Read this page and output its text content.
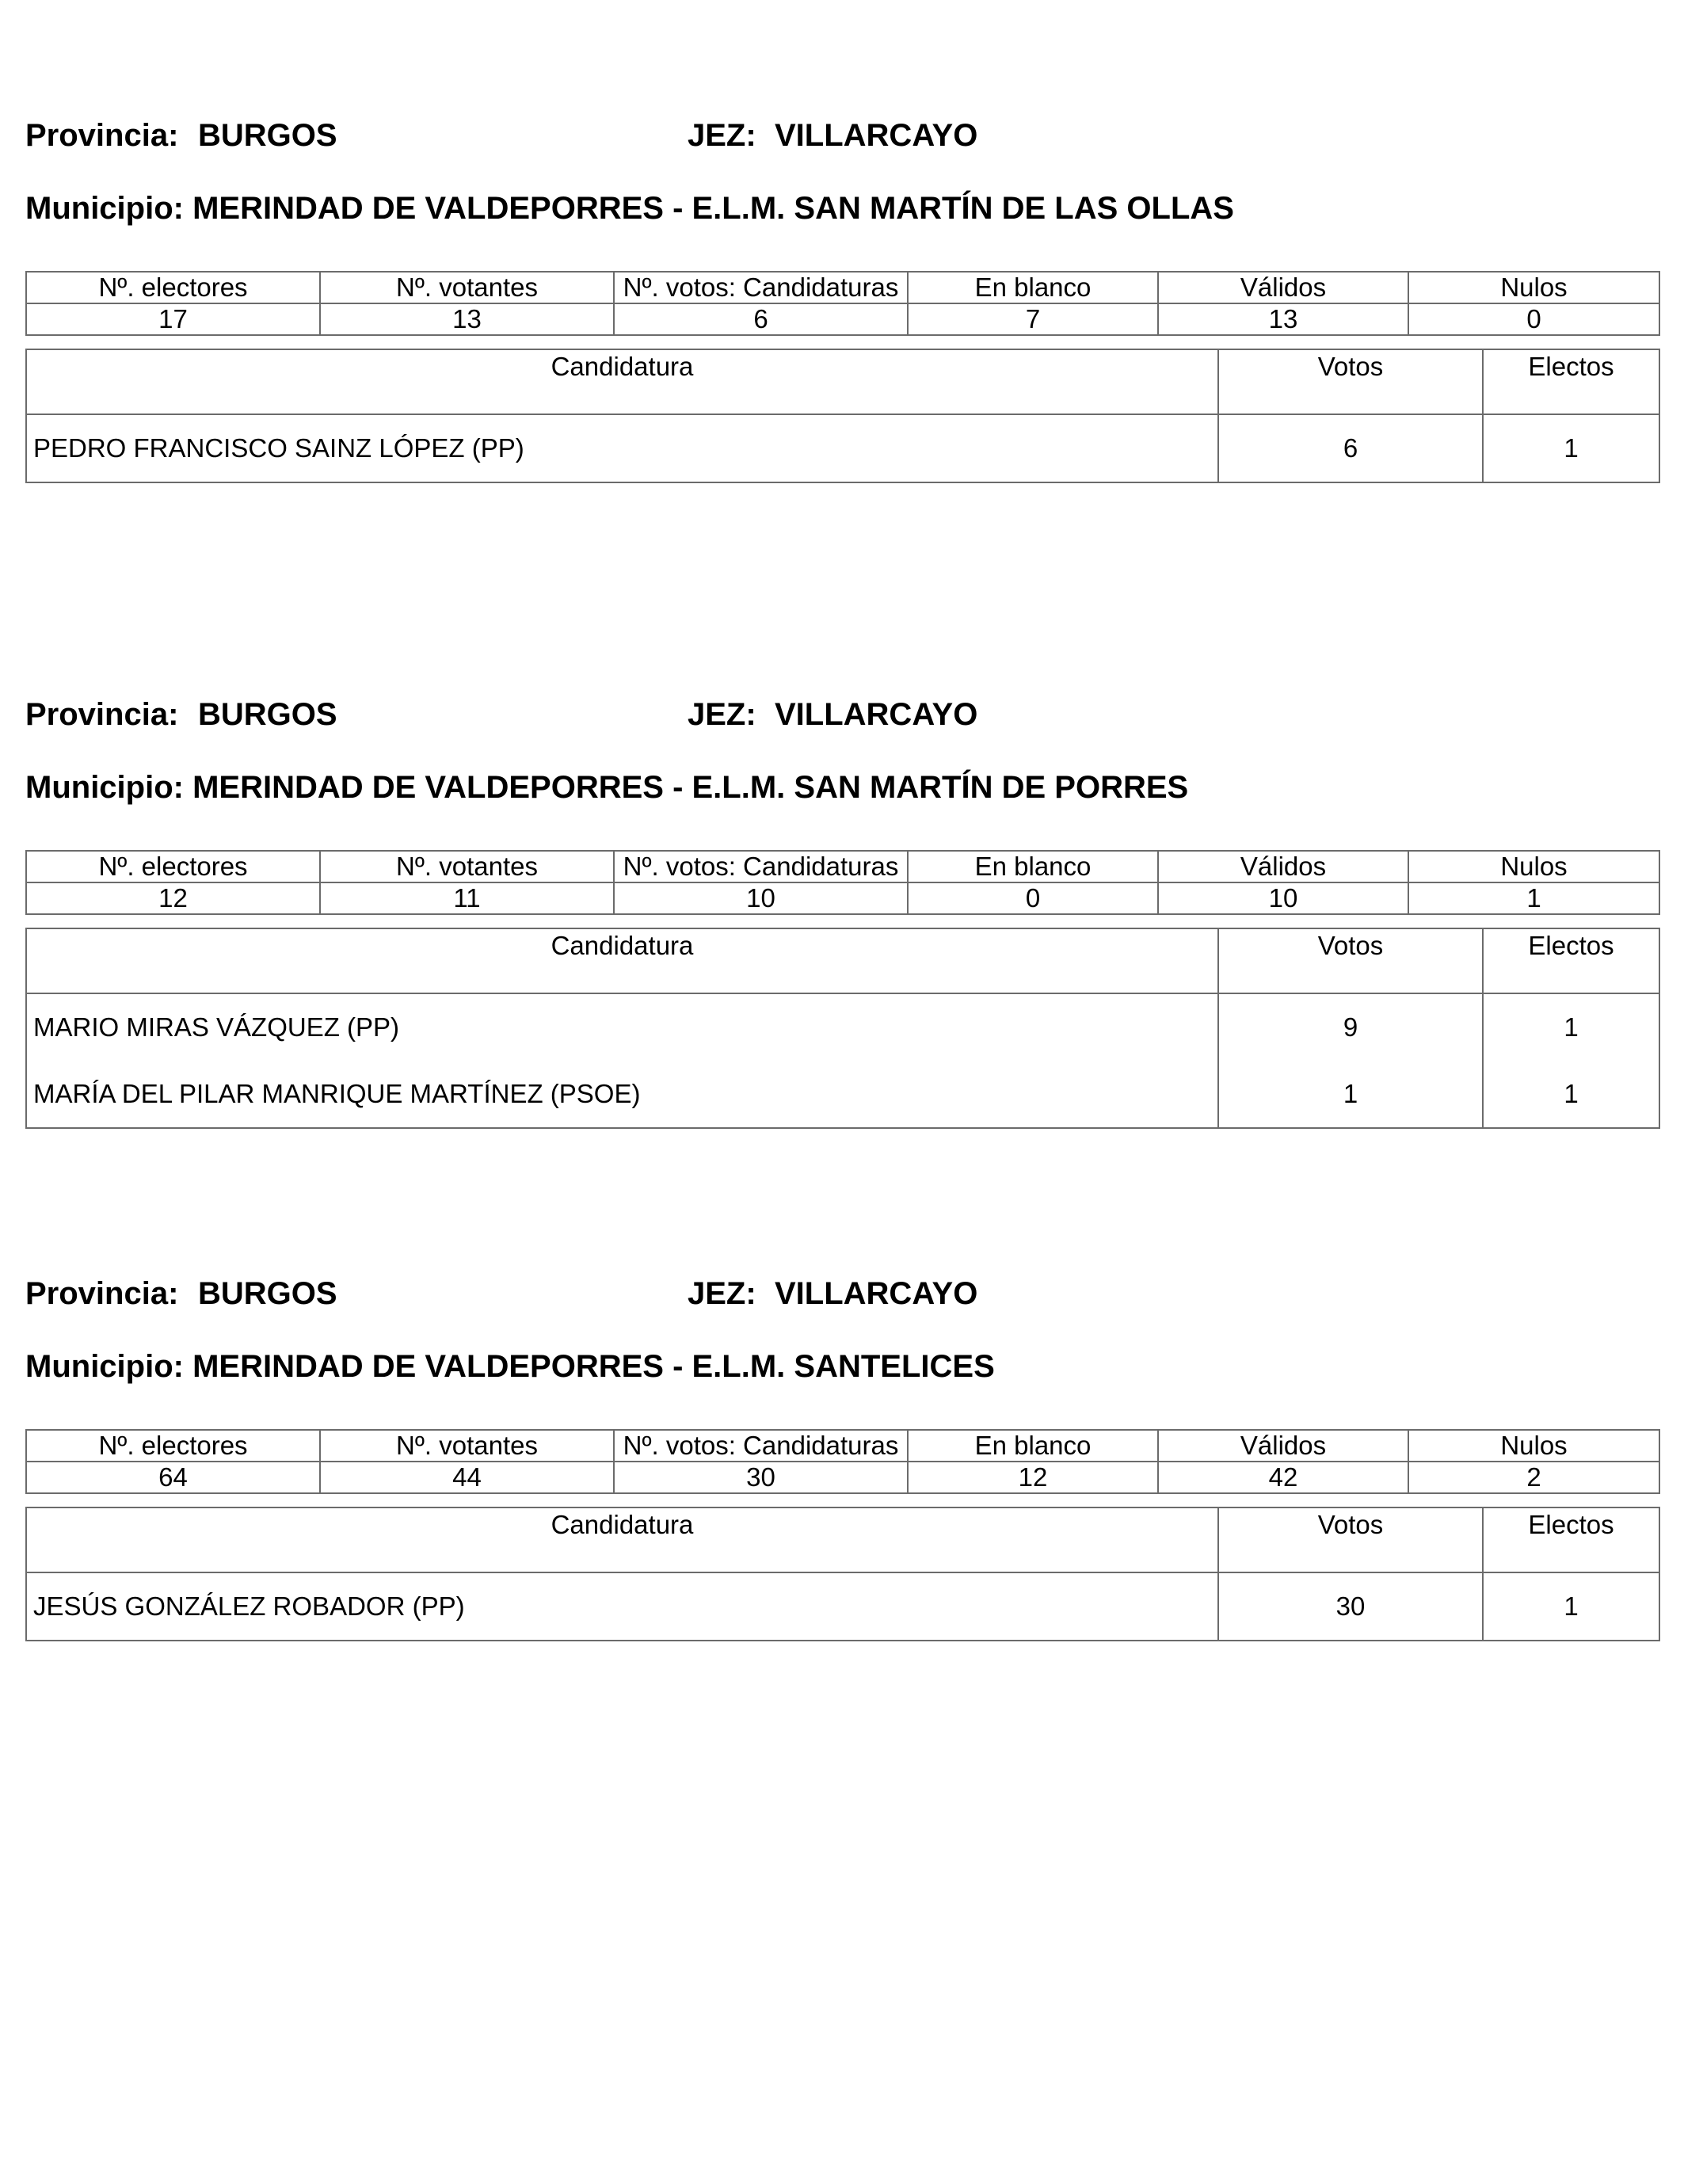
Provincia: BURGOS	JEZ: VILLARCAYO
Municipio: MERINDAD DE VALDEPORRES - E.L.M. SAN MARTÍN DE LAS OLLAS
Nº. electores	Nº. votantes	Nº. votos: Candidaturas	En blanco	Válidos	Nulos
17	13	6	7	13	0
Candidatura	Votos	Electos
PEDRO FRANCISCO SAINZ LÓPEZ (PP)	6	1
Provincia: BURGOS	JEZ: VILLARCAYO
Municipio: MERINDAD DE VALDEPORRES - E.L.M. SAN MARTÍN DE PORRES
Nº. electores	Nº. votantes	Nº. votos: Candidaturas	En blanco	Válidos	Nulos
12	11	10	0	10	1
Candidatura	Votos	Electos
MARIO MIRAS VÁZQUEZ (PP)	9	1
MARÍA DEL PILAR MANRIQUE MARTÍNEZ (PSOE)	1	1
Provincia: BURGOS	JEZ: VILLARCAYO
Municipio: MERINDAD DE VALDEPORRES - E.L.M. SANTELICES
Nº. electores	Nº. votantes	Nº. votos: Candidaturas	En blanco	Válidos	Nulos
64	44	30	12	42	2
Candidatura	Votos	Electos
JESÚS GONZÁLEZ ROBADOR (PP)	30	1
